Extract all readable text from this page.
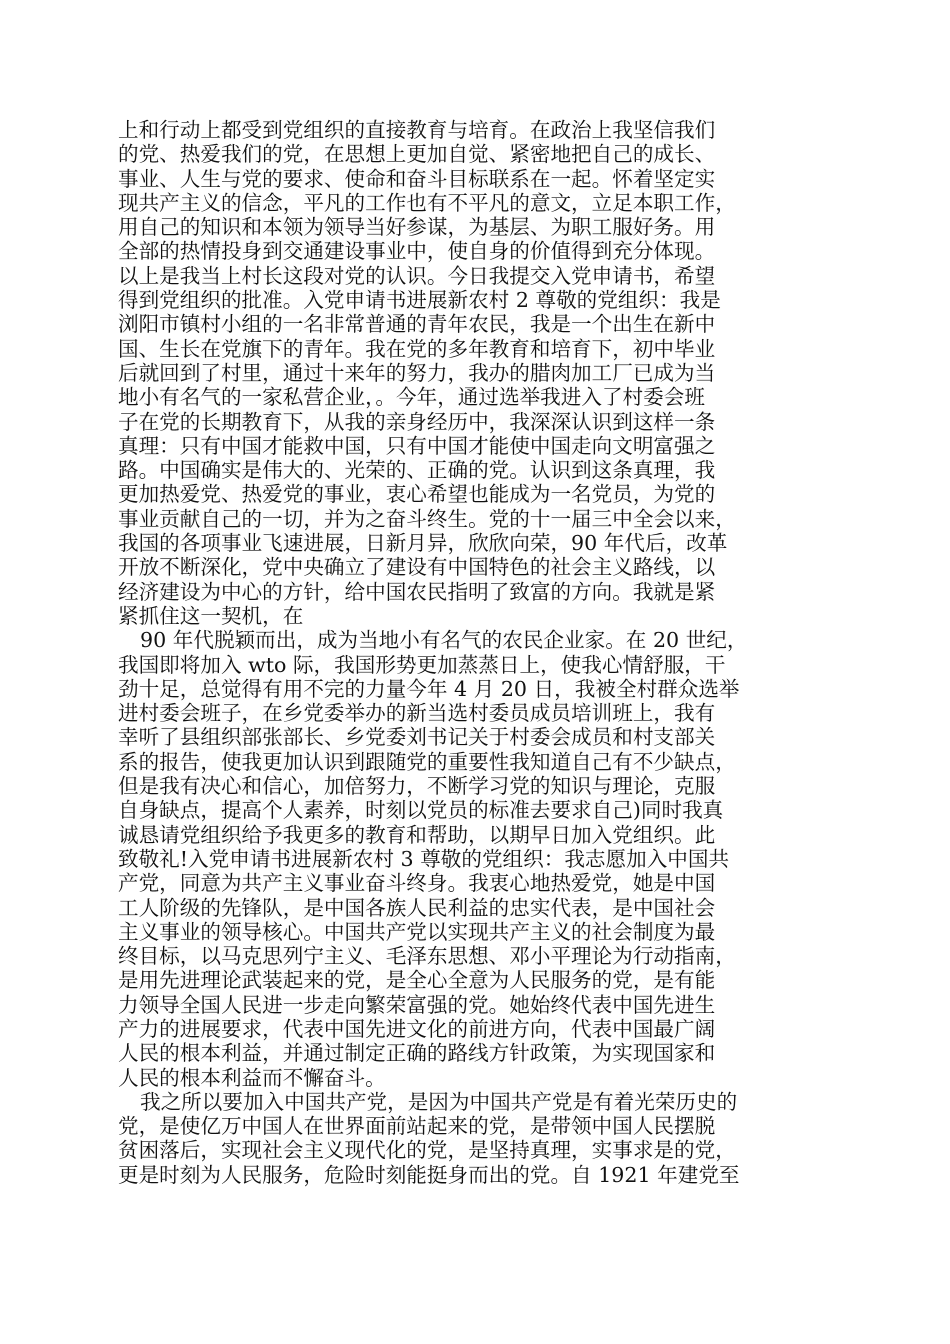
上和行动上都受到党组织的直接教育与培育。在政治上我坚信我们
的党、热爱我们的党，在思想上更加自觉、紧密地把自己的成长、
事业、人生与党的要求、使命和奋斗目标联系在一起。怀着坚定实
现共产主义的信念，平凡的工作也有不平凡的意文，立足本职工作，
用自己的知识和本领为领导当好参谋，为基层、为职工服好务。用
全部的热情投身到交通建设事业中，使自身的价值得到充分体现。
以上是我当上村长这段对党的认识。今日我提交入党申请书，希望
得到党组织的批准。入党申请书进展新农村 2 尊敬的党组织：我是
浏阳市镇村小组的一名非常普通的青年农民，我是一个出生在新中
国、生长在党旗下的青年。我在党的多年教育和培育下，初中毕业
后就回到了村里，通过十来年的努力，我办的腊肉加工厂已成为当
地小有名气的一家私营企业，。今年，通过选举我进入了村委会班
子在党的长期教育下，从我的亲身经历中，我深深认识到这样一条
真理：只有中国才能救中国，只有中国才能使中国走向文明富强之
路。中国确实是伟大的、光荣的、正确的党。认识到这条真理，我
更加热爱党、热爱党的事业，衷心希望也能成为一名党员，为党的
事业贡献自己的一切，并为之奋斗终生。党的十一届三中全会以来，
我国的各项事业飞速进展，日新月异，欣欣向荣，90 年代后，改革
开放不断深化，党中央确立了建设有中国特色的社会主义路线，以
经济建设为中心的方针，给中国农民指明了致富的方向。我就是紧
紧抓住这一契机，在
90 年代脱颖而出，成为当地小有名气的农民企业家。在 20 世纪，
我国即将加入 wto 际，我国形势更加蒸蒸日上，使我心情舒服，干
劲十足，总觉得有用不完的力量今年 4 月 20 日，我被全村群众选举
进村委会班子，在乡党委举办的新当选村委员成员培训班上，我有
幸听了县组织部张部长、乡党委刘书记关于村委会成员和村支部关
系的报告，使我更加认识到跟随党的重要性我知道自己有不少缺点，
但是我有决心和信心，加倍努力，不断学习党的知识与理论，克服
自身缺点，提高个人素养，时刻以党员的标准去要求自己)同时我真
诚恳请党组织给予我更多的教育和帮助，以期早日加入党组织。此
致敬礼!入党申请书进展新农村 3 尊敬的党组织：我志愿加入中国共
产党，同意为共产主义事业奋斗终身。我衷心地热爱党，她是中国
工人阶级的先锋队，是中国各族人民利益的忠实代表，是中国社会
主义事业的领导核心。中国共产党以实现共产主义的社会制度为最
终目标，以马克思列宁主义、毛泽东思想、邓小平理论为行动指南，
是用先进理论武装起来的党，是全心全意为人民服务的党，是有能
力领导全国人民进一步走向繁荣富强的党。她始终代表中国先进生
产力的进展要求，代表中国先进文化的前进方向，代表中国最广阔
人民的根本利益，并通过制定正确的路线方针政策，为实现国家和
人民的根本利益而不懈奋斗。
我之所以要加入中国共产党，是因为中国共产党是有着光荣历史的
党，是使亿万中国人在世界面前站起来的党，是带领中国人民摆脱
贫困落后，实现社会主义现代化的党，是坚持真理，实事求是的党，
更是时刻为人民服务，危险时刻能挺身而出的党。自 1921 年建党至
